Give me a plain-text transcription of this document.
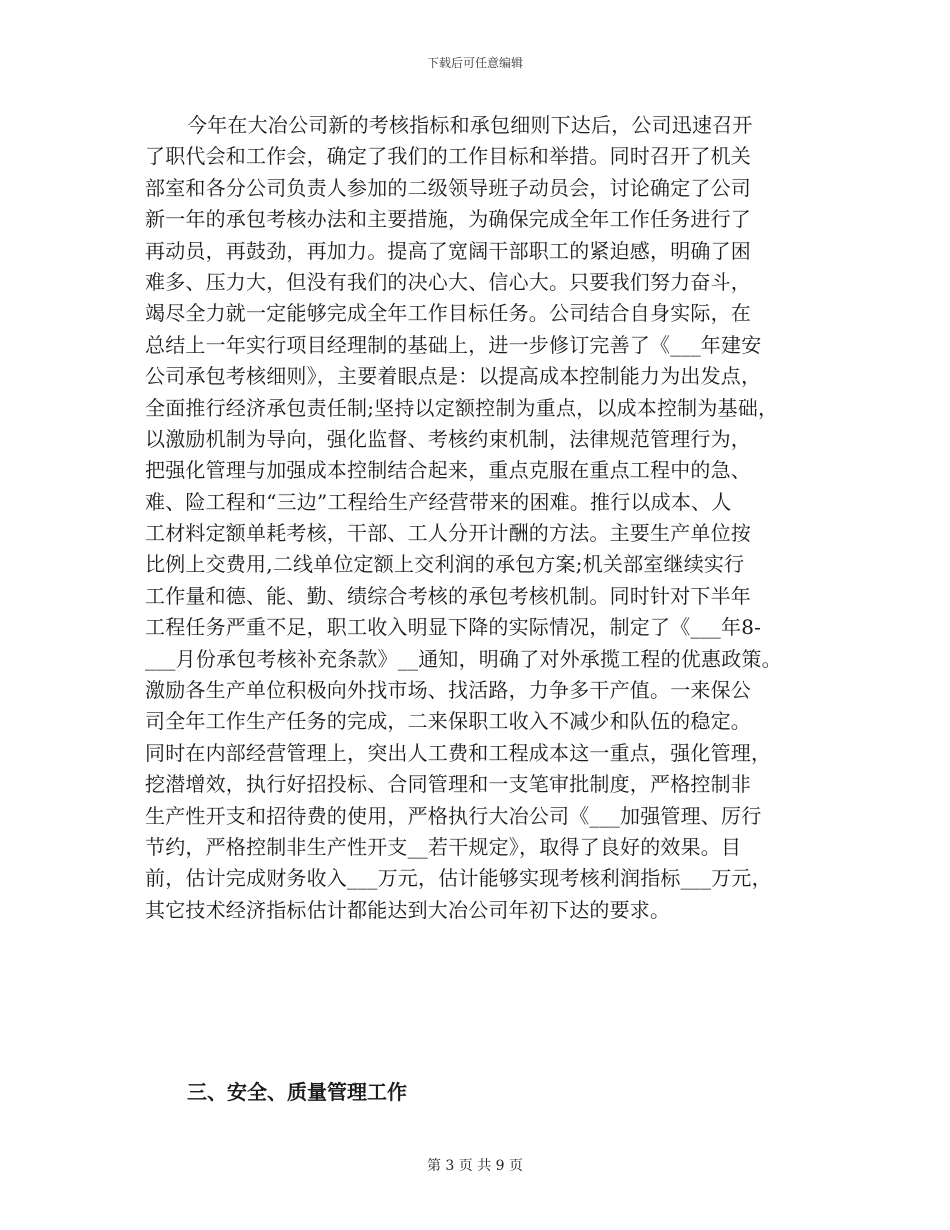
下载后可任意编辑
今年在大冶公司新的考核指标和承包细则下达后，公司迅速召开
了职代会和工作会，确定了我们的工作目标和举措。同时召开了机关
部室和各分公司负责人参加的二级领导班子动员会，讨论确定了公司
新一年的承包考核办法和主要措施，为确保完成全年工作任务进行了
再动员，再鼓劲，再加力。提高了宽阔干部职工的紧迫感，明确了困
难多、压力大，但没有我们的决心大、信心大。只要我们努力奋斗，
竭尽全力就一定能够完成全年工作目标任务。公司结合自身实际，在
总结上一年实行项目经理制的基础上，进一步修订完善了《___年建安
公司承包考核细则》，主要着眼点是：以提高成本控制能力为出发点，
全面推行经济承包责任制;坚持以定额控制为重点，以成本控制为基础，
以激励机制为导向，强化监督、考核约束机制，法律规范管理行为，
把强化管理与加强成本控制结合起来，重点克服在重点工程中的急、
难、险工程和“三边”工程给生产经营带来的困难。推行以成本、人
工材料定额单耗考核，干部、工人分开计酬的方法。主要生产单位按
比例上交费用,二线单位定额上交利润的承包方案;机关部室继续实行
工作量和德、能、勤、绩综合考核的承包考核机制。同时针对下半年
工程任务严重不足，职工收入明显下降的实际情况，制定了《___年8-
___月份承包考核补充条款》__通知，明确了对外承揽工程的优惠政策。
激励各生产单位积极向外找市场、找活路，力争多干产值。一来保公
司全年工作生产任务的完成，二来保职工收入不减少和队伍的稳定。
同时在内部经营管理上，突出人工费和工程成本这一重点，强化管理，
挖潜增效，执行好招投标、合同管理和一支笔审批制度，严格控制非
生产性开支和招待费的使用，严格执行大冶公司《___加强管理、厉行
节约，严格控制非生产性开支__若干规定》，取得了良好的效果。目
前，估计完成财务收入___万元，估计能够实现考核利润指标___万元，
其它技术经济指标估计都能达到大冶公司年初下达的要求。
三、安全、质量管理工作
第 3 页 共 9 页
